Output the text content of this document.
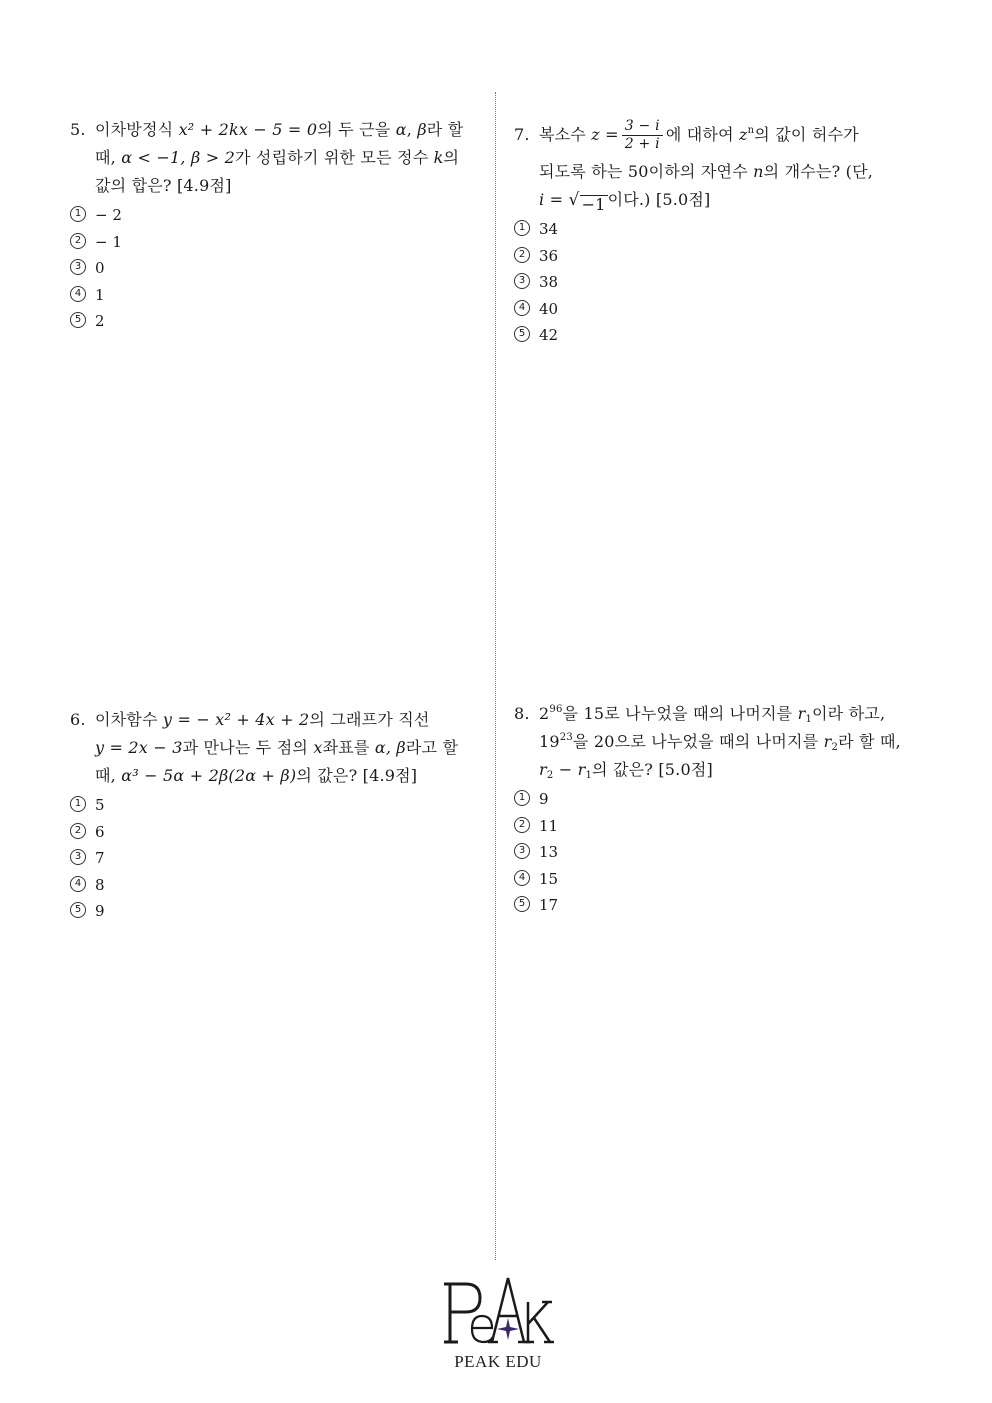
5. 이차방정식 x² + 2kx − 5 = 0의 두 근을 α, β라 할
때, α < −1, β > 2가 성립하기 위한 모든 정수 k의
값의 합은? [4.9점]
1 − 2
2 − 1
3 0
4 1
5 2
7. 복소수 $z = \frac{3 - i}{2 + i}$ 에 대하여 $z^n$의 값이 허수가
되도록 하는 50이하의 자연수 n의 개수는? (단,
i = √ −1 이다.) [5.0점]
1 34
2 36
3 38
4 40
5 42
6. 이차함수 y = − x² + 4x + 2의 그래프가 직선
y = 2x − 3과 만나는 두 점의 x좌표를 α, β라고 할
때, α³ − 5α + 2β(2α + β)의 값은? [4.9점]
1 5
2 6
3 7
4 8
5 9
8. $2^{96}$을 15로 나누었을 때의 나머지를 $r_1$이라 하고,
$19^{23}$을 20으로 나누었을 때의 나머지를 $r_2$라 할 때,
$r_2 - r_1$의 값은? [5.0점]
1 9
2 11
3 13
4 15
5 17
PEAK EDU
